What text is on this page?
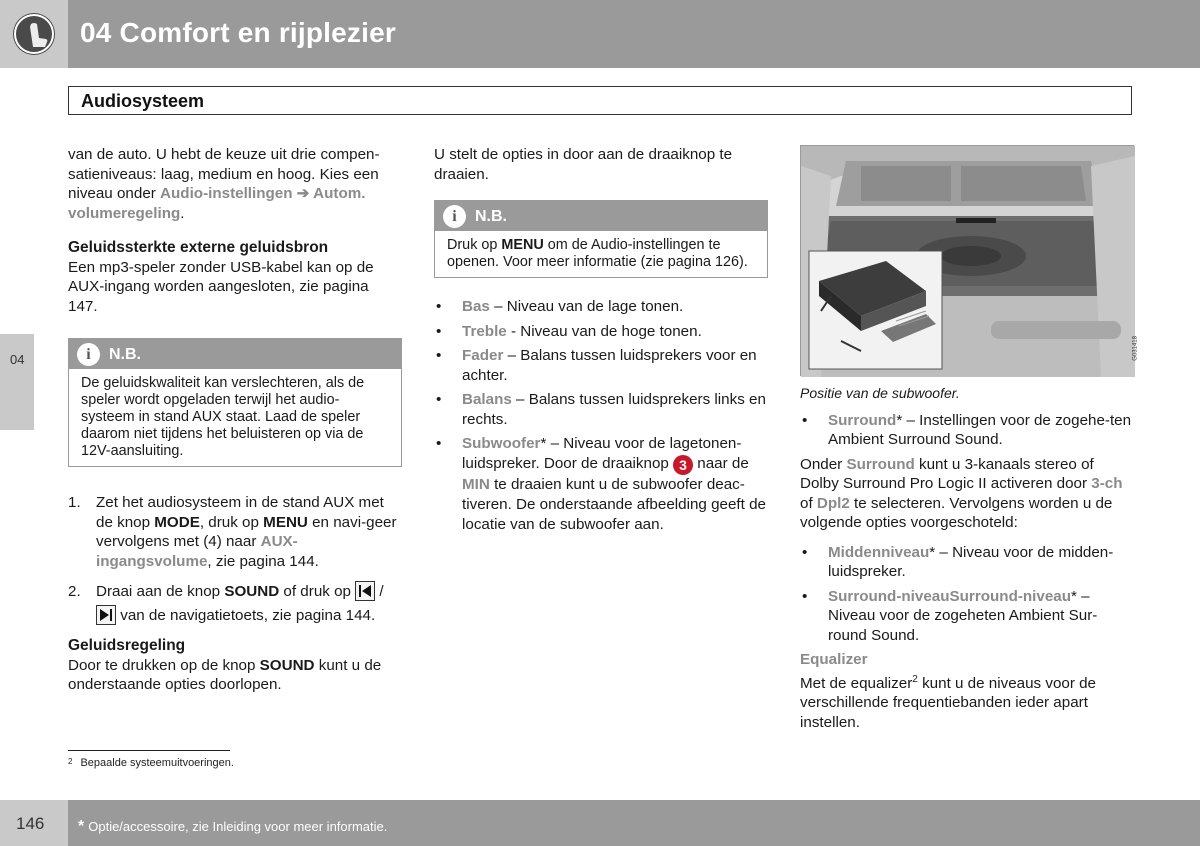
04 Comfort en rijplezier
Audiosysteem
04

van de auto. U hebt de keuze uit drie compen-satieniveaus: laag, medium en hoog. Kies een niveau onder Audio-instellingen ➔ Autom. volumeregeling.

Geluidssterkte externe geluidsbron

Een mp3-speler zonder USB-kabel kan op de AUX-ingang worden aangesloten, zie pagina 147.

i	N.B.
De geluidskwaliteit kan verslechteren, als de speler wordt opgeladen terwijl het audio-systeem in stand AUX staat. Laad de speler daarom niet tijdens het beluisteren op via de 12V-aansluiting.
1. Zet het audiosysteem in de stand AUX met de knop MODE, druk op MENU en navi-geer vervolgens met (4) naar AUX-ingangsvolume, zie pagina 144.
2. Draai aan de knop SOUND of druk op  /
van de navigatietoets, zie pagina 144.

Geluidsregeling

Door te drukken op de knop SOUND kunt u de onderstaande opties doorlopen.

U stelt de opties in door aan de draaiknop te draaien.

i	N.B.
Druk op MENU om de Audio-instellingen te openen. Voor meer informatie (zie pagina 126).
• Bas – Niveau van de lage tonen.
• Treble - Niveau van de hoge tonen.
• Fader – Balans tussen luidsprekers voor en achter.
• Balans – Balans tussen luidsprekers links en rechts.
• Subwoofer* – Niveau voor de lagetonen-luidspreker. Door de draaiknop 3 naar de MIN te draaien kunt u de subwoofer deac-tiveren. De onderstaande afbeelding geeft de locatie van de subwoofer aan.
G031418

Positie van de subwoofer.

• Surround* – Instellingen voor de zogehe-ten Ambient Surround Sound.

Onder Surround kunt u 3-kanaals stereo of Dolby Surround Pro Logic II activeren door 3-ch of Dpl2 te selecteren. Vervolgens worden u de volgende opties voorgeschoteld:

• Middenniveau* – Niveau voor de midden-luidspreker.
• Surround-niveauSurround-niveau* – Niveau voor de zogeheten Ambient Sur-round Sound.

Equalizer

Met de equalizer$^2$ kunt u de niveaus voor de verschillende frequentiebanden ieder apart instellen.

$^2$ Bepaalde systeemuitvoeringen.
146 * Optie/accessoire, zie Inleiding voor meer informatie.
